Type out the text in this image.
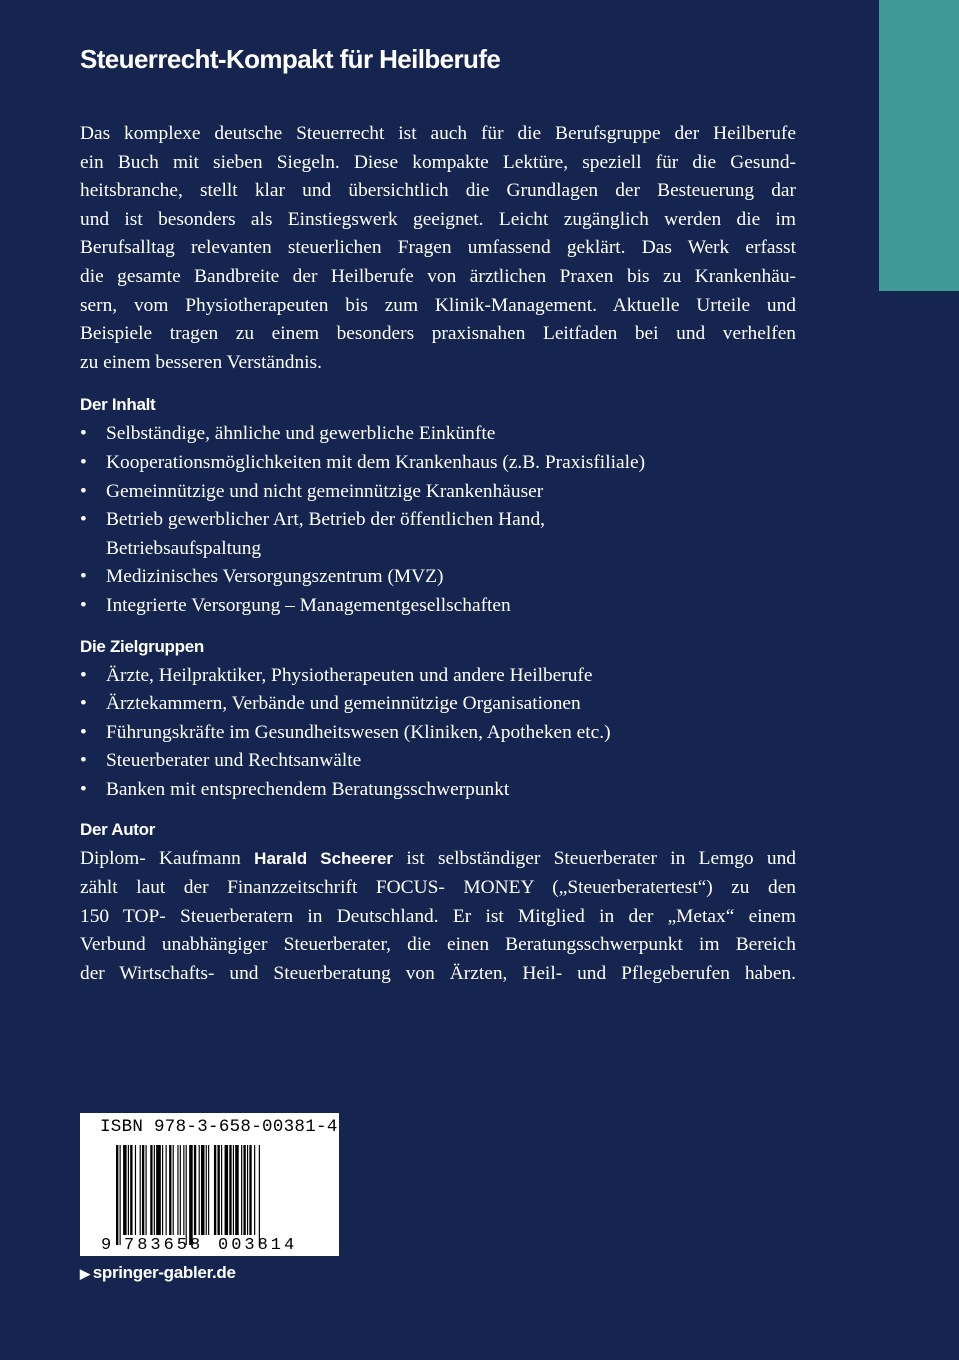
Steuerrecht-Kompakt für Heilberufe

Das komplexe deutsche Steuerrecht ist auch für die Berufsgruppe der Heilberufe
ein Buch mit sieben Siegeln. Diese kompakte Lektüre, speziell für die Gesund-
heitsbranche, stellt klar und übersichtlich die Grundlagen der Besteuerung dar
und ist besonders als Einstiegswerk geeignet. Leicht zugänglich werden die im
Berufsalltag relevanten steuerlichen Fragen umfassend geklärt. Das Werk erfasst
die gesamte Bandbreite der Heilberufe von ärztlichen Praxen bis zu Krankenhäu-
sern, vom Physiotherapeuten bis zum Klinik-Management. Aktuelle Urteile und
Beispiele tragen zu einem besonders praxisnahen Leitfaden bei und verhelfen
zu einem besseren Verständnis.

Der Inhalt
• Selbständige, ähnliche und gewerbliche Einkünfte
• Kooperationsmöglichkeiten mit dem Krankenhaus (z.B. Praxisfiliale)
• Gemeinnützige und nicht gemeinnützige Krankenhäuser
• Betrieb gewerblicher Art, Betrieb der öffentlichen Hand,
Betriebsaufspaltung
• Medizinisches Versorgungszentrum (MVZ)
• Integrierte Versorgung – Managementgesellschaften
Die Zielgruppen
• Ärzte, Heilpraktiker, Physiotherapeuten und andere Heilberufe
• Ärztekammern, Verbände und gemeinnützige Organisationen
• Führungskräfte im Gesundheitswesen (Kliniken, Apotheken etc.)
• Steuerberater und Rechtsanwälte
• Banken mit entsprechendem Beratungsschwerpunkt
Der Autor

Diplom- Kaufmann Harald Scheerer ist selbständiger Steuerberater in Lemgo und
zählt laut der Finanzzeitschrift FOCUS- MONEY („Steuerberatertest“) zu den
150 TOP- Steuerberatern in Deutschland. Er ist Mitglied in der „Metax“ einem
Verbund unabhängiger Steuerberater, die einen Beratungsschwerpunkt im Bereich
der Wirtschafts- und Steuerberatung von Ärzten, Heil- und Pflegeberufen haben.

ISBN 978-3-658-00381-4
9 783658 003814
▶ springer-gabler.de
